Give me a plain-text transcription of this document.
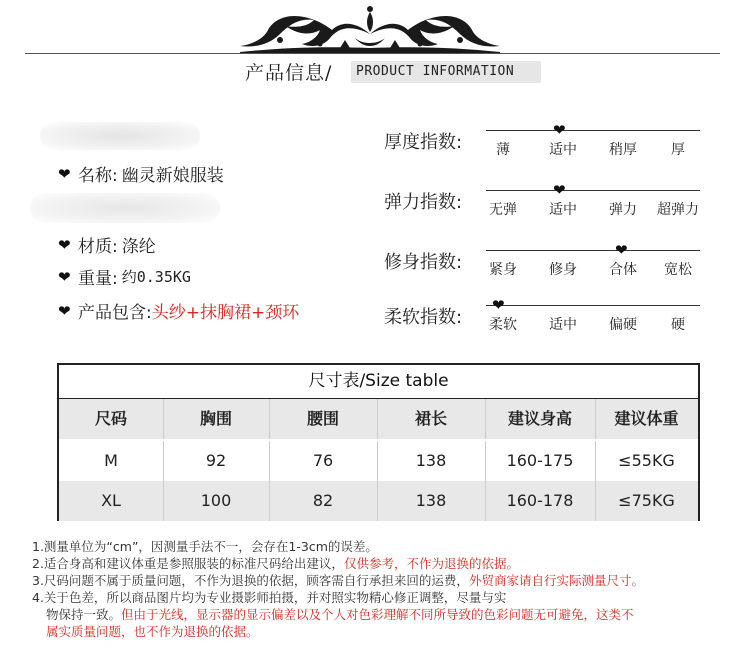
产品信息/ PRODUCT INFORMATION
❤ 名称: 幽灵新娘服装
❤ 材质: 涤纶
❤ 重量: 约0.35KG
❤ 产品包含: 头纱+抹胸裙+颈环
厚度指数:
❤
薄	适中	稍厚	厚
弹力指数:
❤
无弹	适中	弹力	超弹力
修身指数:
❤
紧身	修身	合体	宽松
柔软指数:
❤
柔软	适中	偏硬	硬
尺寸表/Size table
尺码	胸围	腰围	裙长	建议身高	建议体重
M	92	76	138	160-175	≤55KG
XL	100	82	138	160-178	≤75KG
1.测量单位为“cm”，因测量手法不一，会存在1-3cm的误差。
2.适合身高和建议体重是参照服装的标准尺码给出建议，仅供参考，不作为退换的依据。
3.尺码问题不属于质量问题，不作为退换的依据，顾客需自行承担来回的运费，外贸商家请自行实际测量尺寸。
4.关于色差，所以商品图片均为专业摄影师拍摄，并对照实物精心修正调整，尽量与实
物保持一致。但由于光线，显示器的显示偏差以及个人对色彩理解不同所导致的色彩问题无可避免，这类不
属实质量问题，也不作为退换的依据。
